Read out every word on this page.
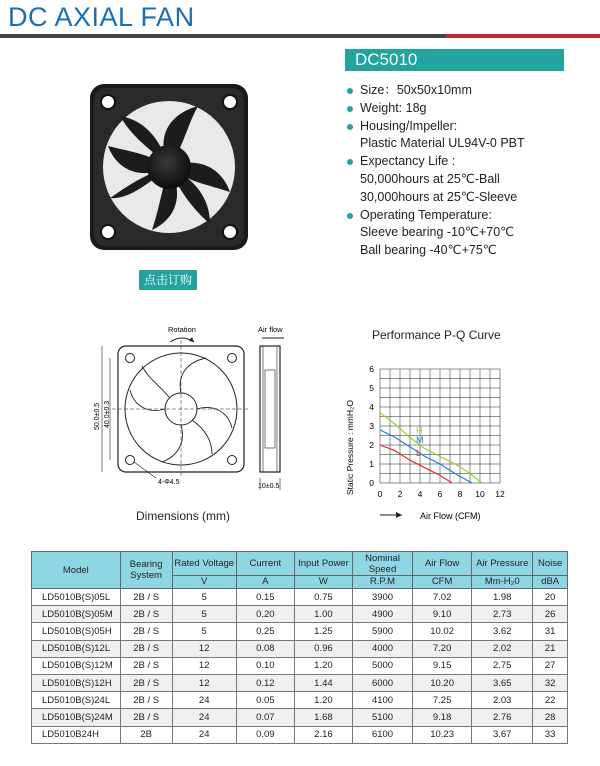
DC AXIAL FAN
DC5010
Size：50x50x10mm
Weight: 18g
Housing/Impeller:
Plastic Material UL94V-0 PBT
Expectancy Life :
50,000hours at 25℃-Ball
30,000hours at 25℃-Sleeve
Operating Temperature:
Sleeve bearing -10℃+70℃
Ball bearing -40℃+75℃
点击订购
Rotation	Air flow
50.0±0.5 40.0±0.3
4-Φ4.5
10±0.5
Dimensions (mm)
Performance P-Q Curve
0 2 4 6 8 10 12
0
1
2
3
4
5
6
H
M
L
Static Pressure : mmH₂O
Air Flow (CFM)
Model	Bearing System	Rated Voltage	Current	Input Power	Nominal Speed	Air Flow	Air Pressure	Noise
		V	A	W	R.P.M	CFM	Mm-H₂0	dBA
LD5010B(S)05L	2B / S	5	0.15	0.75	3900	7.02	1.98	20
LD5010B(S)05M	2B / S	5	0.20	1.00	4900	9.10	2.73	26
LD5010B(S)05H	2B / S	5	0.25	1.25	5900	10.02	3.62	31
LD5010B(S)12L	2B / S	12	0.08	0.96	4000	7.20	2.02	21
LD5010B(S)12M	2B / S	12	0.10	1.20	5000	9.15	2.75	27
LD5010B(S)12H	2B / S	12	0.12	1.44	6000	10.20	3.65	32
LD5010B(S)24L	2B / S	24	0.05	1.20	4100	7.25	2.03	22
LD5010B(S)24M	2B / S	24	0.07	1.68	5100	9.18	2.76	28
LD5010B24H	2B	24	0.09	2.16	6100	10.23	3.67	33
